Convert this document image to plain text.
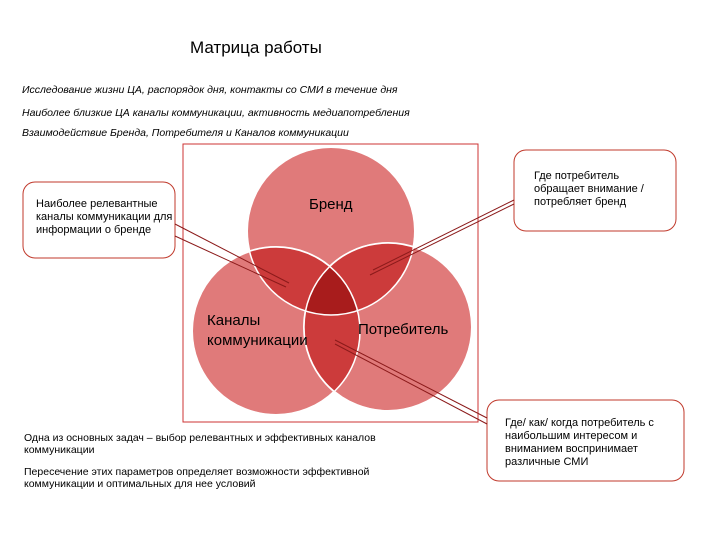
Матрица работы
Исследование жизни ЦА, распорядок дня, контакты со СМИ в течение дня
Наиболее близкие ЦА каналы коммуникации, активность медиапотребления
Взаимодействие Бренда, Потребителя и Каналов коммуникации
Бренд
Каналы коммуникации
Потребитель
Наиболее релевантные каналы коммуникации для информации о бренде
Где потребитель обращает внимание / потребляет бренд
Где/ как/ когда потребитель с наибольшим интересом и вниманием воспринимает различные СМИ
Одна из основных задач – выбор релевантных и эффективных каналов коммуникации
Пересечение этих параметров определяет возможности эффективной коммуникации и оптимальных для нее условий
